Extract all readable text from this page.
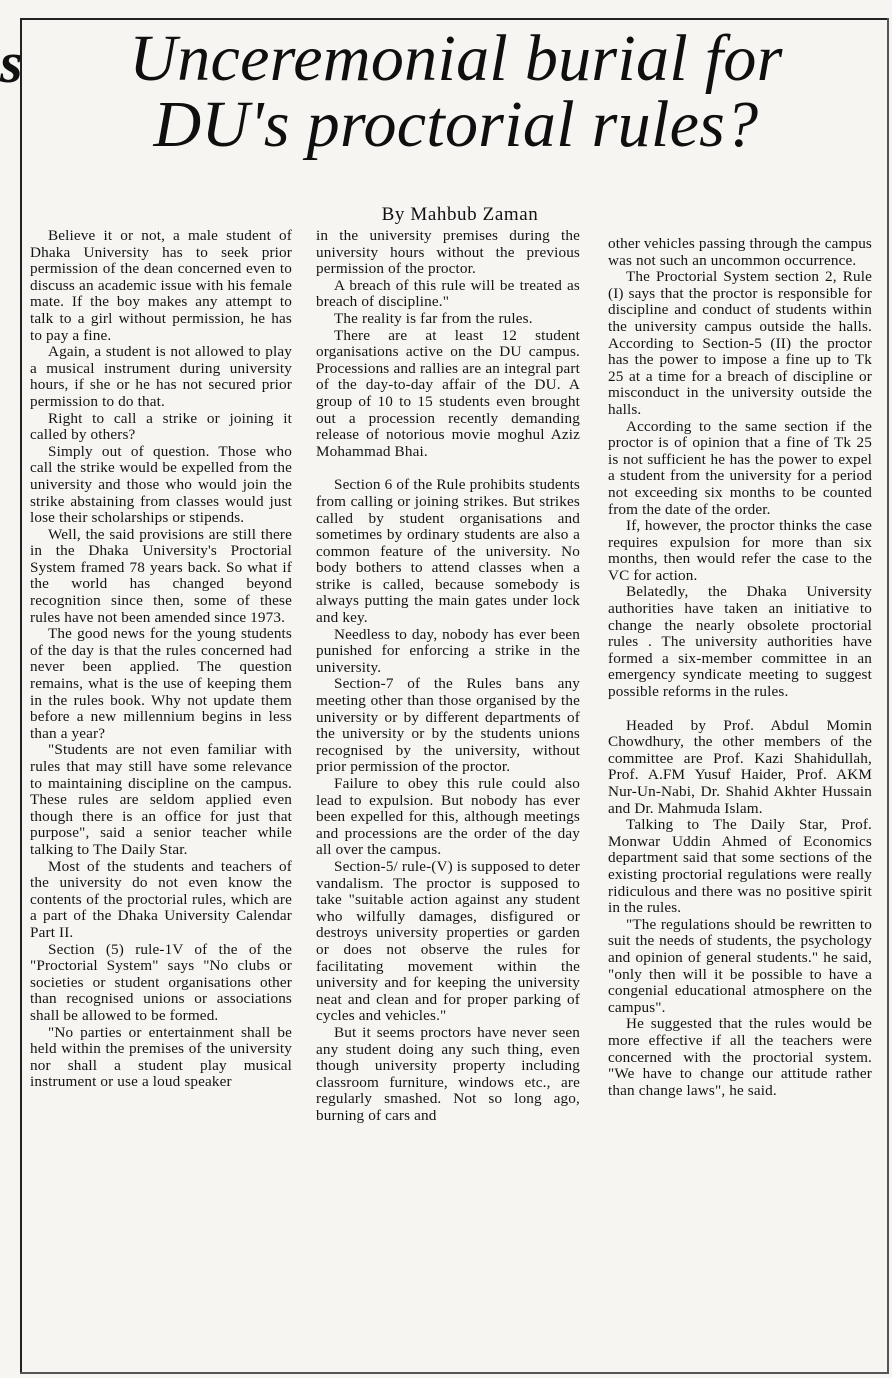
s	Unceremonial burial for
DU's proctorial rules?
By Mahbub Zaman

Believe it or not, a male student of Dhaka University has to seek prior permission of the dean concerned even to discuss an academic issue with his female mate. If the boy makes any attempt to talk to a girl without permission, he has to pay a fine.

Again, a student is not allowed to play a musical instrument during university hours, if she or he has not secured prior permission to do that.

Right to call a strike or joining it called by others?

Simply out of question. Those who call the strike would be expelled from the university and those who would join the strike abstaining from classes would just lose their scholarships or stipends.

Well, the said provisions are still there in the Dhaka University's Proctorial System framed 78 years back. So what if the world has changed beyond recognition since then, some of these rules have not been amended since 1973.

The good news for the young students of the day is that the rules concerned had never been applied. The question remains, what is the use of keeping them in the rules book. Why not update them before a new millennium begins in less than a year?

"Students are not even familiar with rules that may still have some relevance to maintaining discipline on the campus. These rules are seldom applied even though there is an office for just that purpose", said a senior teacher while talking to The Daily Star.

Most of the students and teachers of the university do not even know the contents of the proctorial rules, which are a part of the Dhaka University Calendar Part II.

Section (5) rule-1V of the of the "Proctorial System" says "No clubs or societies or student organisations other than recognised unions or associations shall be allowed to be formed.

"No parties or entertainment shall be held within the premises of the university nor shall a student play musical instrument or use a loud speaker

in the university premises during the university hours without the previous permission of the proctor.

A breach of this rule will be treated as breach of discipline."

The reality is far from the rules.

There are at least 12 student organisations active on the DU campus. Processions and rallies are an integral part of the day-to-day affair of the DU. A group of 10 to 15 students even brought out a procession recently demanding release of notorious movie moghul Aziz Mohammad Bhai.

Section 6 of the Rule prohibits students from calling or joining strikes. But strikes called by student organisations and sometimes by ordinary students are also a common feature of the university. No body bothers to attend classes when a strike is called, because somebody is always putting the main gates under lock and key.

Needless to day, nobody has ever been punished for enforcing a strike in the university.

Section-7 of the Rules bans any meeting other than those organised by the university or by different departments of the university or by the students unions recognised by the university, without prior permission of the proctor.

Failure to obey this rule could also lead to expulsion. But nobody has ever been expelled for this, although meetings and processions are the order of the day all over the campus.

Section-5/ rule-(V) is supposed to deter vandalism. The proctor is supposed to take "suitable action against any student who wilfully damages, disfigured or destroys university properties or garden or does not observe the rules for facilitating movement within the university and for keeping the university neat and clean and for proper parking of cycles and vehicles."

But it seems proctors have never seen any student doing any such thing, even though university property including classroom furniture, windows etc., are regularly smashed. Not so long ago, burning of cars and

other vehicles passing through the campus was not such an uncommon occurrence.

The Proctorial System section 2, Rule (I) says that the proctor is responsible for discipline and conduct of students within the university campus outside the halls. According to Section-5 (II) the proctor has the power to impose a fine up to Tk 25 at a time for a breach of discipline or misconduct in the university outside the halls.

According to the same section if the proctor is of opinion that a fine of Tk 25 is not sufficient he has the power to expel a student from the university for a period not exceeding six months to be counted from the date of the order.

If, however, the proctor thinks the case requires expulsion for more than six months, then would refer the case to the VC for action.

Belatedly, the Dhaka University authorities have taken an initiative to change the nearly obsolete proctorial rules . The university authorities have formed a six-member committee in an emergency syndicate meeting to suggest possible reforms in the rules.

Headed by Prof. Abdul Momin Chowdhury, the other members of the committee are Prof. Kazi Shahidullah, Prof. A.FM Yusuf Haider, Prof. AKM Nur-Un-Nabi, Dr. Shahid Akhter Hussain and Dr. Mahmuda Islam.

Talking to The Daily Star, Prof. Monwar Uddin Ahmed of Economics department said that some sections of the existing proctorial regulations were really ridiculous and there was no positive spirit in the rules.

"The regulations should be rewritten to suit the needs of students, the psychology and opinion of general students." he said, "only then will it be possible to have a congenial educational atmosphere on the campus".

He suggested that the rules would be more effective if all the teachers were concerned with the proctorial system. "We have to change our attitude rather than change laws", he said.
